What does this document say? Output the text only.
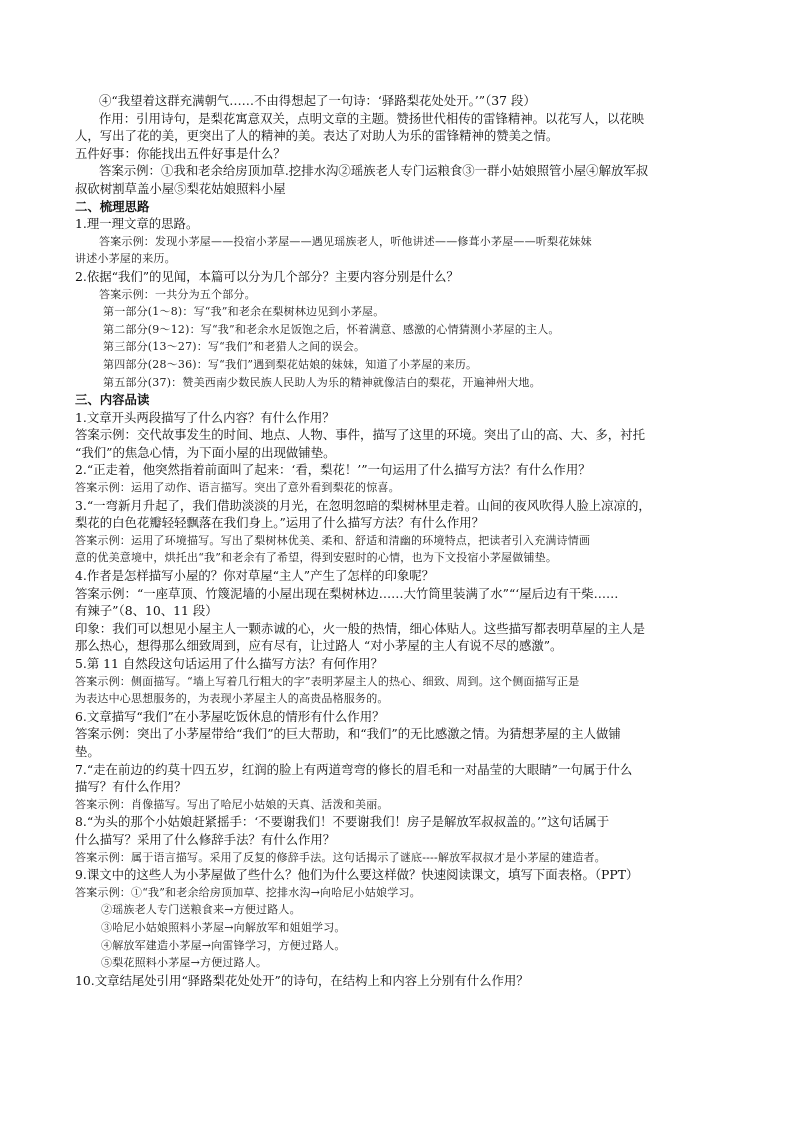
④“我望着这群充满朝气……不由得想起了一句诗：‘驿路梨花处处开。’”（37 段）
作用：引用诗句，是梨花寓意双关，点明文章的主题。赞扬世代相传的雷锋精神。以花写人，以花映
人，写出了花的美，更突出了人的精神的美。表达了对助人为乐的雷锋精神的赞美之情。
五件好事：你能找出五件好事是什么？
答案示例：①我和老余给房顶加草.挖排水沟②瑶族老人专门运粮食③一群小姑娘照管小屋④解放军叔
叔砍树割草盖小屋⑤梨花姑娘照料小屋
二、梳理思路
1.理一理文章的思路。
答案示例：发现小茅屋——投宿小茅屋——遇见瑶族老人，听他讲述——修葺小茅屋——听梨花妹妹
讲述小茅屋的来历。
2.依据“我们”的见闻，本篇可以分为几个部分？主要内容分别是什么？
答案示例：一共分为五个部分。
第一部分(1～8)：写“我”和老余在梨树林边见到小茅屋。
第二部分(9～12)：写“我”和老余水足饭饱之后，怀着满意、感激的心情猜测小茅屋的主人。
第三部分(13～27)：写“我们”和老猎人之间的误会。
第四部分(28～36)：写“我们”遇到梨花姑娘的妹妹，知道了小茅屋的来历。
第五部分(37)：赞美西南少数民族人民助人为乐的精神就像洁白的梨花，开遍神州大地。
三、内容品读
1.文章开头两段描写了什么内容？有什么作用？
答案示例：交代故事发生的时间、地点、人物、事件，描写了这里的环境。突出了山的高、大、多，衬托
“我们”的焦急心情，为下面小屋的出现做铺垫。
2.“正走着，他突然指着前面叫了起来：‘看，梨花！’”一句运用了什么描写方法？有什么作用？
答案示例：运用了动作、语言描写。突出了意外看到梨花的惊喜。
3.“一弯新月升起了，我们借助淡淡的月光，在忽明忽暗的梨树林里走着。山间的夜风吹得人脸上凉凉的，
梨花的白色花瓣轻轻飘落在我们身上。”运用了什么描写方法？有什么作用？
答案示例：运用了环境描写。写出了梨树林优美、柔和、舒适和清幽的环境特点，把读者引入充满诗情画
意的优美意境中，烘托出“我”和老余有了希望，得到安慰时的心情，也为下文投宿小茅屋做铺垫。
4.作者是怎样描写小屋的？你对草屋“主人”产生了怎样的印象呢？
答案示例：“一座草顶、竹篾泥墙的小屋出现在梨树林边……大竹筒里装满了水”“‘屋后边有干柴……
有辣子”（8、10、11 段）
印象：我们可以想见小屋主人一颗赤诚的心，火一般的热情，细心体贴人。这些描写都表明草屋的主人是
那么热心，想得那么细致周到，应有尽有，让过路人 “对小茅屋的主人有说不尽的感激”。
5.第 11 自然段这句话运用了什么描写方法？有何作用？
答案示例：侧面描写。“墙上写着几行粗大的字”表明茅屋主人的热心、细致、周到。这个侧面描写正是
为表达中心思想服务的，为表现小茅屋主人的高贵品格服务的。
6.文章描写“我们”在小茅屋吃饭休息的情形有什么作用？
答案示例：突出了小茅屋带给“我们”的巨大帮助，和“我们”的无比感激之情。为猜想茅屋的主人做铺
垫。
7.“走在前边的约莫十四五岁，红润的脸上有两道弯弯的修长的眉毛和一对晶莹的大眼睛”一句属于什么
描写？有什么作用？
答案示例：肖像描写。写出了哈尼小姑娘的天真、活泼和美丽。
8.“为头的那个小姑娘赶紧摇手：‘不要谢我们！不要谢我们！房子是解放军叔叔盖的。’”这句话属于
什么描写？采用了什么修辞手法？有什么作用？
答案示例：属于语言描写。采用了反复的修辞手法。这句话揭示了谜底----解放军叔叔才是小茅屋的建造者。
9.课文中的这些人为小茅屋做了些什么？他们为什么要这样做？快速阅读课文，填写下面表格。（PPT）
答案示例：①“我”和老余给房顶加草、挖排水沟→向哈尼小姑娘学习。
②瑶族老人专门送粮食来→方便过路人。
③哈尼小姑娘照料小茅屋→向解放军和姐姐学习。
④解放军建造小茅屋→向雷锋学习，方便过路人。
⑤梨花照料小茅屋→方便过路人。
10.文章结尾处引用“驿路梨花处处开”的诗句，在结构上和内容上分别有什么作用？
